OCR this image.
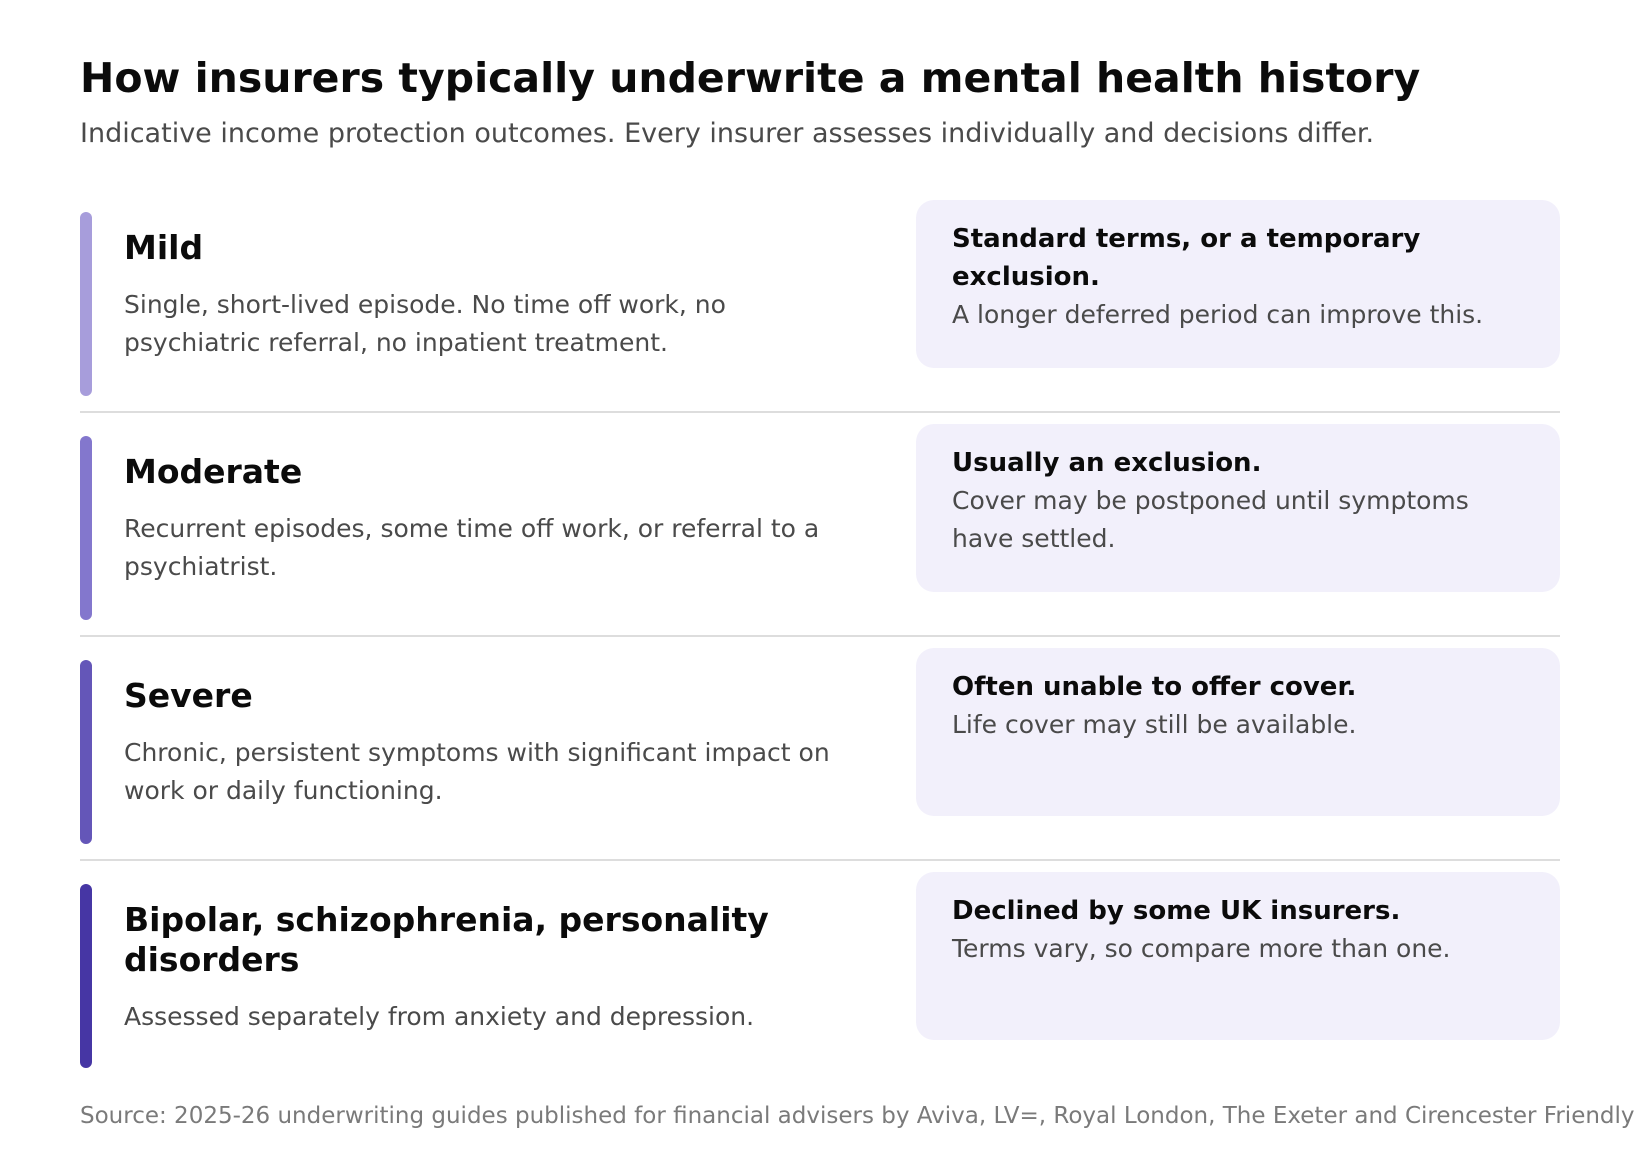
How insurers typically underwrite a mental health history

Indicative income protection outcomes. Every insurer assesses individually and decisions differ.

Mild
Single, short-lived episode. No time off work, no psychiatric referral, no inpatient treatment.

Standard terms, or a temporary exclusion.

A longer deferred period can improve this.

Moderate
Recurrent episodes, some time off work, or referral to a psychiatrist.

Usually an exclusion.

Cover may be postponed until symptoms have settled.

Severe
Chronic, persistent symptoms with significant impact on work or daily functioning.

Often unable to offer cover.

Life cover may still be available.

Bipolar, schizophrenia, personality disorders
Assessed separately from anxiety and depression.

Declined by some UK insurers.

Terms vary, so compare more than one.

Source: 2025-26 underwriting guides published for financial advisers by Aviva, LV=, Royal London, The Exeter and Cirencester Friendly
